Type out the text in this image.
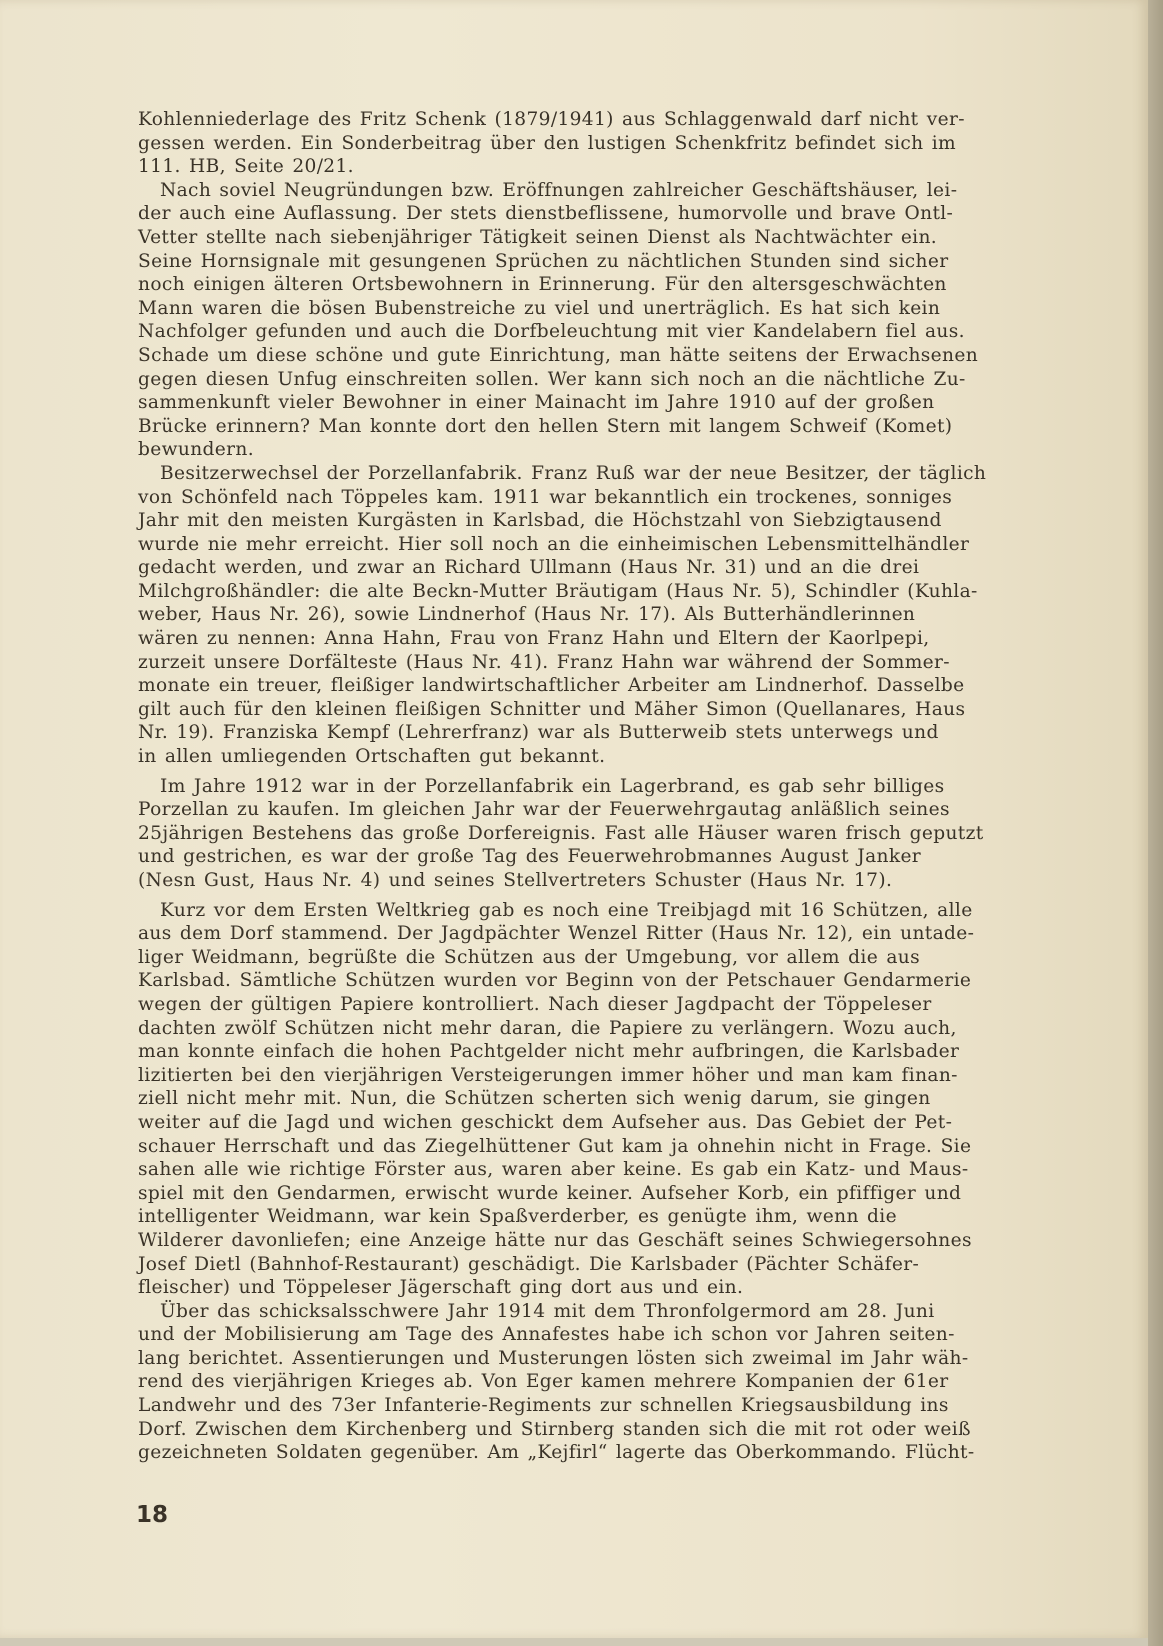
Kohlenniederlage des Fritz Schenk (1879/1941) aus Schlaggenwald darf nicht ver-
gessen werden. Ein Sonderbeitrag über den lustigen Schenkfritz befindet sich im
111. HB, Seite 20/21.
Nach soviel Neugründungen bzw. Eröffnungen zahlreicher Geschäftshäuser, lei-
der auch eine Auflassung. Der stets dienstbeflissene, humorvolle und brave Ontl-
Vetter stellte nach siebenjähriger Tätigkeit seinen Dienst als Nachtwächter ein.
Seine Hornsignale mit gesungenen Sprüchen zu nächtlichen Stunden sind sicher
noch einigen älteren Ortsbewohnern in Erinnerung. Für den altersgeschwächten
Mann waren die bösen Bubenstreiche zu viel und unerträglich. Es hat sich kein
Nachfolger gefunden und auch die Dorfbeleuchtung mit vier Kandelabern fiel aus.
Schade um diese schöne und gute Einrichtung, man hätte seitens der Erwachsenen
gegen diesen Unfug einschreiten sollen. Wer kann sich noch an die nächtliche Zu-
sammenkunft vieler Bewohner in einer Mainacht im Jahre 1910 auf der großen
Brücke erinnern? Man konnte dort den hellen Stern mit langem Schweif (Komet)
bewundern.
Besitzerwechsel der Porzellanfabrik. Franz Ruß war der neue Besitzer, der täglich
von Schönfeld nach Töppeles kam. 1911 war bekanntlich ein trockenes, sonniges
Jahr mit den meisten Kurgästen in Karlsbad, die Höchstzahl von Siebzigtausend
wurde nie mehr erreicht. Hier soll noch an die einheimischen Lebensmittelhändler
gedacht werden, und zwar an Richard Ullmann (Haus Nr. 31) und an die drei
Milchgroßhändler: die alte Beckn-Mutter Bräutigam (Haus Nr. 5), Schindler (Kuhla-
weber, Haus Nr. 26), sowie Lindnerhof (Haus Nr. 17). Als Butterhändlerinnen
wären zu nennen: Anna Hahn, Frau von Franz Hahn und Eltern der Kaorlpepi,
zurzeit unsere Dorfälteste (Haus Nr. 41). Franz Hahn war während der Sommer-
monate ein treuer, fleißiger landwirtschaftlicher Arbeiter am Lindnerhof. Dasselbe
gilt auch für den kleinen fleißigen Schnitter und Mäher Simon (Quellanares, Haus
Nr. 19). Franziska Kempf (Lehrerfranz) war als Butterweib stets unterwegs und
in allen umliegenden Ortschaften gut bekannt.
Im Jahre 1912 war in der Porzellanfabrik ein Lagerbrand, es gab sehr billiges
Porzellan zu kaufen. Im gleichen Jahr war der Feuerwehrgautag anläßlich seines
25jährigen Bestehens das große Dorfereignis. Fast alle Häuser waren frisch geputzt
und gestrichen, es war der große Tag des Feuerwehrobmannes August Janker
(Nesn Gust, Haus Nr. 4) und seines Stellvertreters Schuster (Haus Nr. 17).
Kurz vor dem Ersten Weltkrieg gab es noch eine Treibjagd mit 16 Schützen, alle
aus dem Dorf stammend. Der Jagdpächter Wenzel Ritter (Haus Nr. 12), ein untade-
liger Weidmann, begrüßte die Schützen aus der Umgebung, vor allem die aus
Karlsbad. Sämtliche Schützen wurden vor Beginn von der Petschauer Gendarmerie
wegen der gültigen Papiere kontrolliert. Nach dieser Jagdpacht der Töppeleser
dachten zwölf Schützen nicht mehr daran, die Papiere zu verlängern. Wozu auch,
man konnte einfach die hohen Pachtgelder nicht mehr aufbringen, die Karlsbader
lizitierten bei den vierjährigen Versteigerungen immer höher und man kam finan-
ziell nicht mehr mit. Nun, die Schützen scherten sich wenig darum, sie gingen
weiter auf die Jagd und wichen geschickt dem Aufseher aus. Das Gebiet der Pet-
schauer Herrschaft und das Ziegelhüttener Gut kam ja ohnehin nicht in Frage. Sie
sahen alle wie richtige Förster aus, waren aber keine. Es gab ein Katz- und Maus-
spiel mit den Gendarmen, erwischt wurde keiner. Aufseher Korb, ein pfiffiger und
intelligenter Weidmann, war kein Spaßverderber, es genügte ihm, wenn die
Wilderer davonliefen; eine Anzeige hätte nur das Geschäft seines Schwiegersohnes
Josef Dietl (Bahnhof-Restaurant) geschädigt. Die Karlsbader (Pächter Schäfer-
fleischer) und Töppeleser Jägerschaft ging dort aus und ein.
Über das schicksalsschwere Jahr 1914 mit dem Thronfolgermord am 28. Juni
und der Mobilisierung am Tage des Annafestes habe ich schon vor Jahren seiten-
lang berichtet. Assentierungen und Musterungen lösten sich zweimal im Jahr wäh-
rend des vierjährigen Krieges ab. Von Eger kamen mehrere Kompanien der 61er
Landwehr und des 73er Infanterie-Regiments zur schnellen Kriegsausbildung ins
Dorf. Zwischen dem Kirchenberg und Stirnberg standen sich die mit rot oder weiß
gezeichneten Soldaten gegenüber. Am „Kejfirl“ lagerte das Oberkommando. Flücht-
18
